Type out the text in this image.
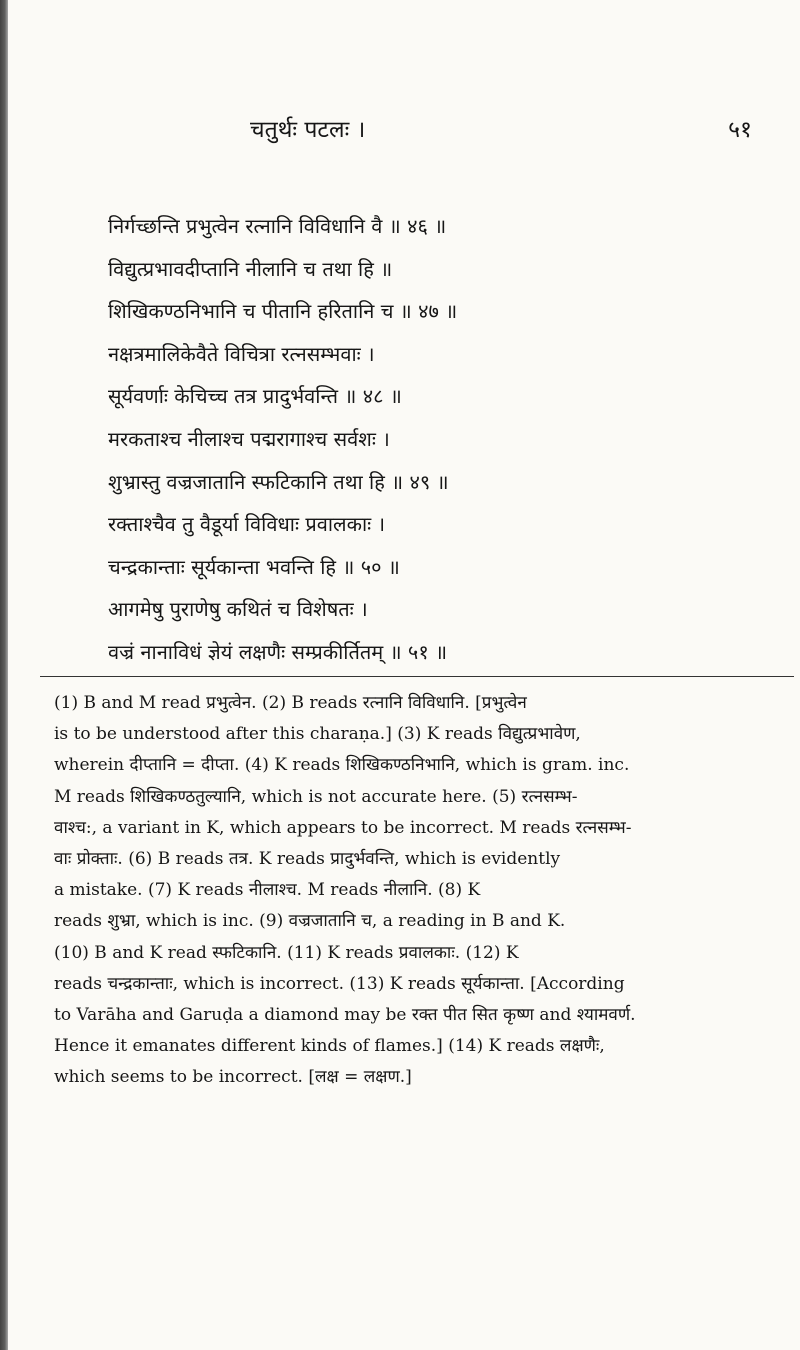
चतुर्थः पटलः ।	५१
निर्गच्छन्ति प्रभुत्वेन रत्नानि विविधानि वै ॥ ४६ ॥
विद्युत्प्रभावदीप्तानि नीलानि च तथा हि ॥
शिखिकण्ठनिभानि च पीतानि हरितानि च ॥ ४७ ॥
नक्षत्रमालिकेवैते विचित्रा रत्नसम्भवाः ।
सूर्यवर्णाः केचिच्च तत्र प्रादुर्भवन्ति ॥ ४८ ॥
मरकताश्च नीलाश्च पद्मरागाश्च सर्वशः ।
शुभ्रास्तु वज्रजातानि स्फटिकानि तथा हि ॥ ४९ ॥
रक्ताश्चैव तु वैडूर्या विविधाः प्रवालकाः ।
चन्द्रकान्ताः सूर्यकान्ता भवन्ति हि ॥ ५० ॥
आगमेषु पुराणेषु कथितं च विशेषतः ।
वज्रं नानाविधं ज्ञेयं लक्षणैः सम्प्रकीर्तितम् ॥ ५१ ॥
(1) B and M read प्रभुत्वेन. (2) B reads रत्नानि विविधानि. [प्रभुत्वेन
is to be understood after this charaṇa.] (3) K reads विद्युत्प्रभावेण,
wherein दीप्तानि = दीप्ता. (4) K reads शिखिकण्ठनिभानि, which is gram. inc.
M reads शिखिकण्ठतुल्यानि, which is not accurate here. (5) रत्नसम्भ-
वाश्च:, a variant in K, which appears to be incorrect. M reads रत्नसम्भ-
वाः प्रोक्ताः. (6) B reads तत्र. K reads प्रादुर्भवन्ति, which is evidently
a mistake. (7) K reads नीलाश्च. M reads नीलानि. (8) K
reads शुभ्रा, which is inc. (9) वज्रजातानि च, a reading in B and K.
(10) B and K read स्फटिकानि. (11) K reads प्रवालकाः. (12) K
reads चन्द्रकान्ताः, which is incorrect. (13) K reads सूर्यकान्ता. [According
to Varāha and Garuḍa a diamond may be रक्त पीत सित कृष्ण and श्यामवर्ण.
Hence it emanates different kinds of flames.] (14) K reads लक्षणैः,
which seems to be incorrect. [लक्ष = लक्षण.]
